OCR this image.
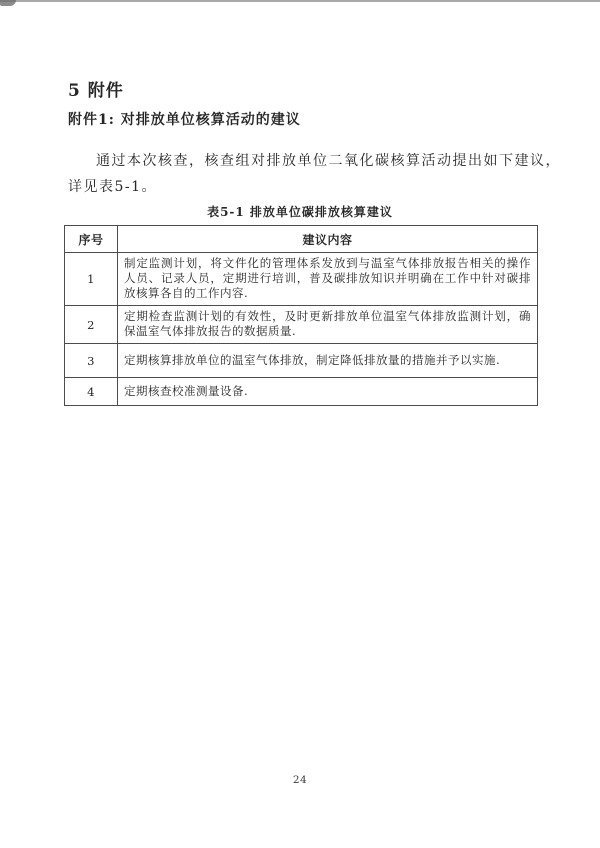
5 附件
附件1: 对排放单位核算活动的建议
通过本次核查，核查组对排放单位二氧化碳核算活动提出如下建议，
详见表5-1。
表5-1 排放单位碳排放核算建议
序号	建议内容
1	制定监测计划，将文件化的管理体系发放到与温室气体排放报告相关的操作人员、记录人员，定期进行培训，普及碳排放知识并明确在工作中针对碳排放核算各自的工作内容.
2	定期检查监测计划的有效性，及时更新排放单位温室气体排放监测计划，确保温室气体排放报告的数据质量.
3	定期核算排放单位的温室气体排放，制定降低排放量的措施并予以实施.
4	定期核查校准测量设备.
24
